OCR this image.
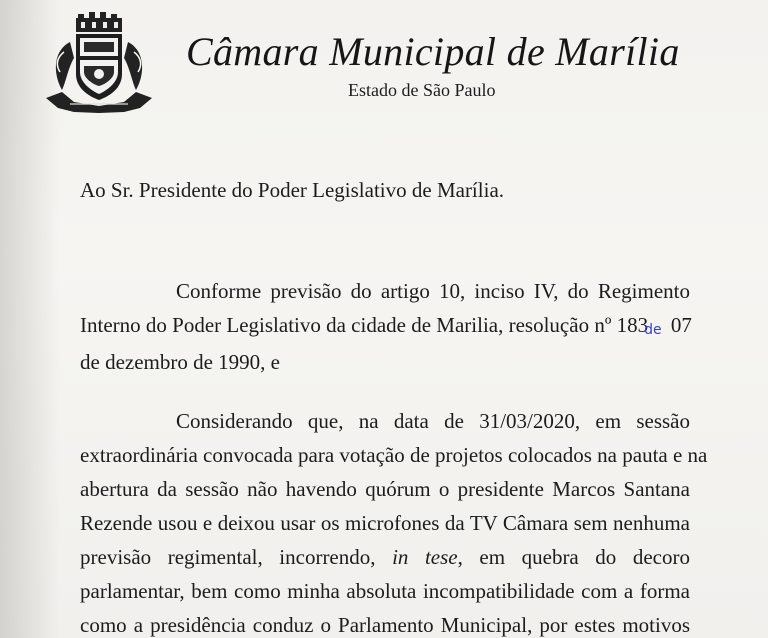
Câmara Municipal de Marília
Estado de São Paulo
Ao Sr. Presidente do Poder Legislativo de Marília.
Conforme previsão do artigo 10, inciso IV, do Regimento
Interno do Poder Legislativo da cidade de Marilia, resolução nº 183de 07
de dezembro de 1990, e
Considerando que, na data de 31/03/2020, em sessão
extraordinária convocada para votação de projetos colocados na pauta e na
abertura da sessão não havendo quórum o presidente Marcos Santana
Rezende usou e deixou usar os microfones da TV Câmara sem nenhuma
previsão regimental, incorrendo, in tese, em quebra do decoro
parlamentar, bem como minha absoluta incompatibilidade com a forma
como a presidência conduz o Parlamento Municipal, por estes motivos
